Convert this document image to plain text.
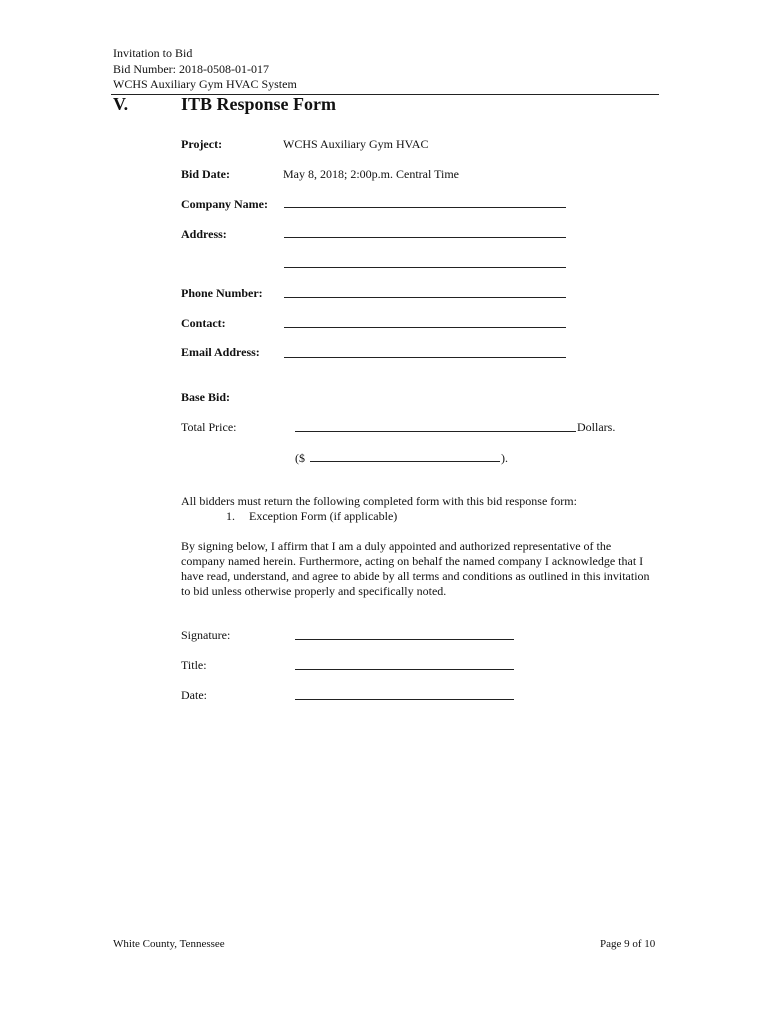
Invitation to Bid
Bid Number: 2018-0508-01-017
WCHS Auxiliary Gym HVAC System
V.	ITB Response Form
Project:	WCHS Auxiliary Gym HVAC
Bid Date:	May 8, 2018; 2:00p.m. Central Time
Company Name:
Address:
Phone Number:
Contact:
Email Address:
Base Bid:
Total Price:	Dollars.
($	).
All bidders must return the following completed form with this bid response form:
1. Exception Form (if applicable)
By signing below, I affirm that I am a duly appointed and authorized representative of the company named herein. Furthermore, acting on behalf the named company I acknowledge that I have read, understand, and agree to abide by all terms and conditions as outlined in this invitation to bid unless otherwise properly and specifically noted.
Signature:
Title:
Date:
White County, Tennessee	Page 9 of 10
